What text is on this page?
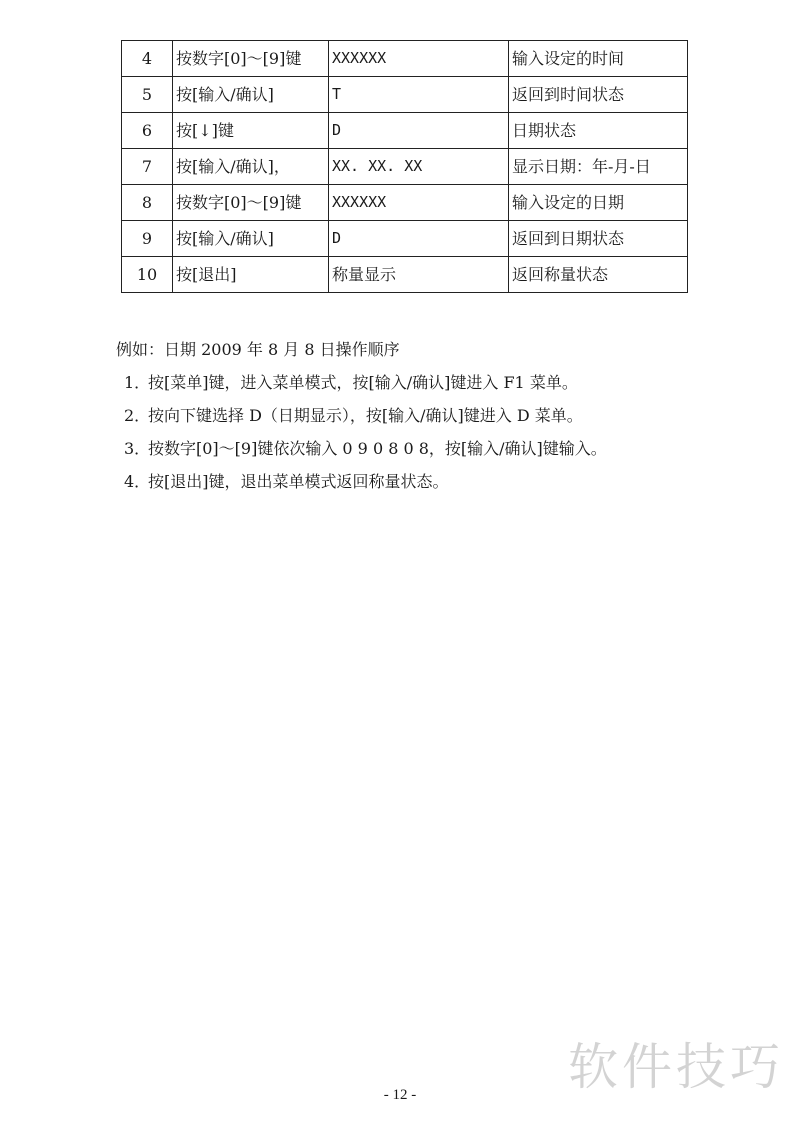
4	按数字[0]～[9]键	XXXXXX	输入设定的时间
5	按[输入/确认]	T	返回到时间状态
6	按[↓]键	D	日期状态
7	按[输入/确认]，	XX. XX. XX	显示日期：年-月-日
8	按数字[0]～[9]键	XXXXXX	输入设定的日期
9	按[输入/确认]	D	返回到日期状态
10	按[退出]	称量显示	返回称量状态
例如：日期 2009 年 8 月 8 日操作顺序
1．按[菜单]键，进入菜单模式，按[输入/确认]键进入 F1 菜单。
2．按向下键选择 D（日期显示），按[输入/确认]键进入 D 菜单。
3．按数字[0]～[9]键依次输入 0 9 0 8 0 8，按[输入/确认]键输入。
4．按[退出]键，退出菜单模式返回称量状态。
软件技巧
- 12 -
